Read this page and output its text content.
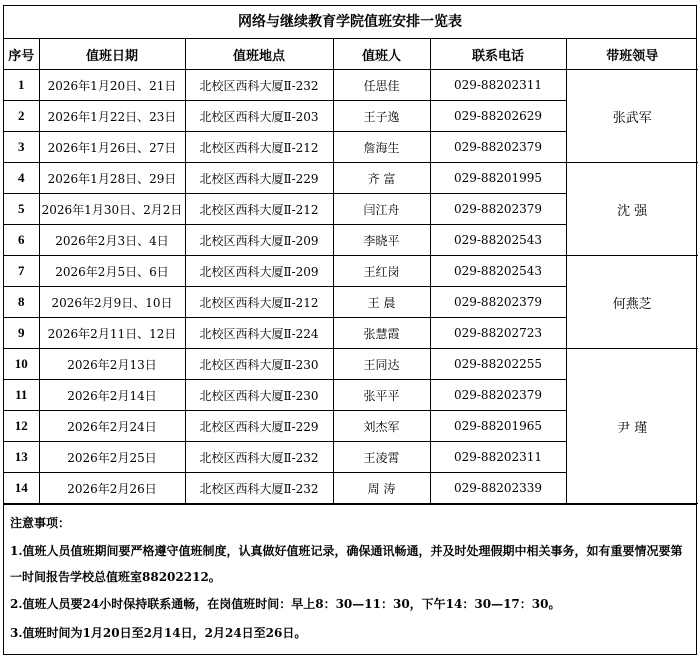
网络与继续教育学院值班安排一览表
序号	值班日期	值班地点	值班人	联系电话	带班领导
1	2026年1月20日、21日	北校区西科大厦Ⅱ-232	任思佳	029-88202311	张武军
2	2026年1月22日、23日	北校区西科大厦Ⅱ-203	王子逸	029-88202629	
3	2026年1月26日、27日	北校区西科大厦Ⅱ-212	詹海生	029-88202379	
4	2026年1月28日、29日	北校区西科大厦Ⅱ-229	齐 富	029-88201995	沈 强
5	2026年1月30日、2月2日	北校区西科大厦Ⅱ-212	闫江舟	029-88202379	
6	2026年2月3日、4日	北校区西科大厦Ⅱ-209	李晓平	029-88202543	
7	2026年2月5日、6日	北校区西科大厦Ⅱ-209	王红岗	029-88202543	何燕芝
8	2026年2月9日、10日	北校区西科大厦Ⅱ-212	王 晨	029-88202379	
9	2026年2月11日、12日	北校区西科大厦Ⅱ-224	张慧霞	029-88202723	
10	2026年2月13日	北校区西科大厦Ⅱ-230	王同达	029-88202255	尹 瑾
11	2026年2月14日	北校区西科大厦Ⅱ-230	张平平	029-88202379	
12	2026年2月24日	北校区西科大厦Ⅱ-229	刘杰军	029-88201965	
13	2026年2月25日	北校区西科大厦Ⅱ-232	王凌霄	029-88202311	
14	2026年2月26日	北校区西科大厦Ⅱ-232	周 涛	029-88202339	

注意事项：

1.值班人员值班期间要严格遵守值班制度，认真做好值班记录，确保通讯畅通，并及时处理假期中相关事务，如有重要情况要第一时间报告学校总值班室88202212。

2.值班人员要24小时保持联系通畅，在岗值班时间：早上8：30—11：30，下午14：30—17：30。

3.值班时间为1月20日至2月14日，2月24日至26日。
